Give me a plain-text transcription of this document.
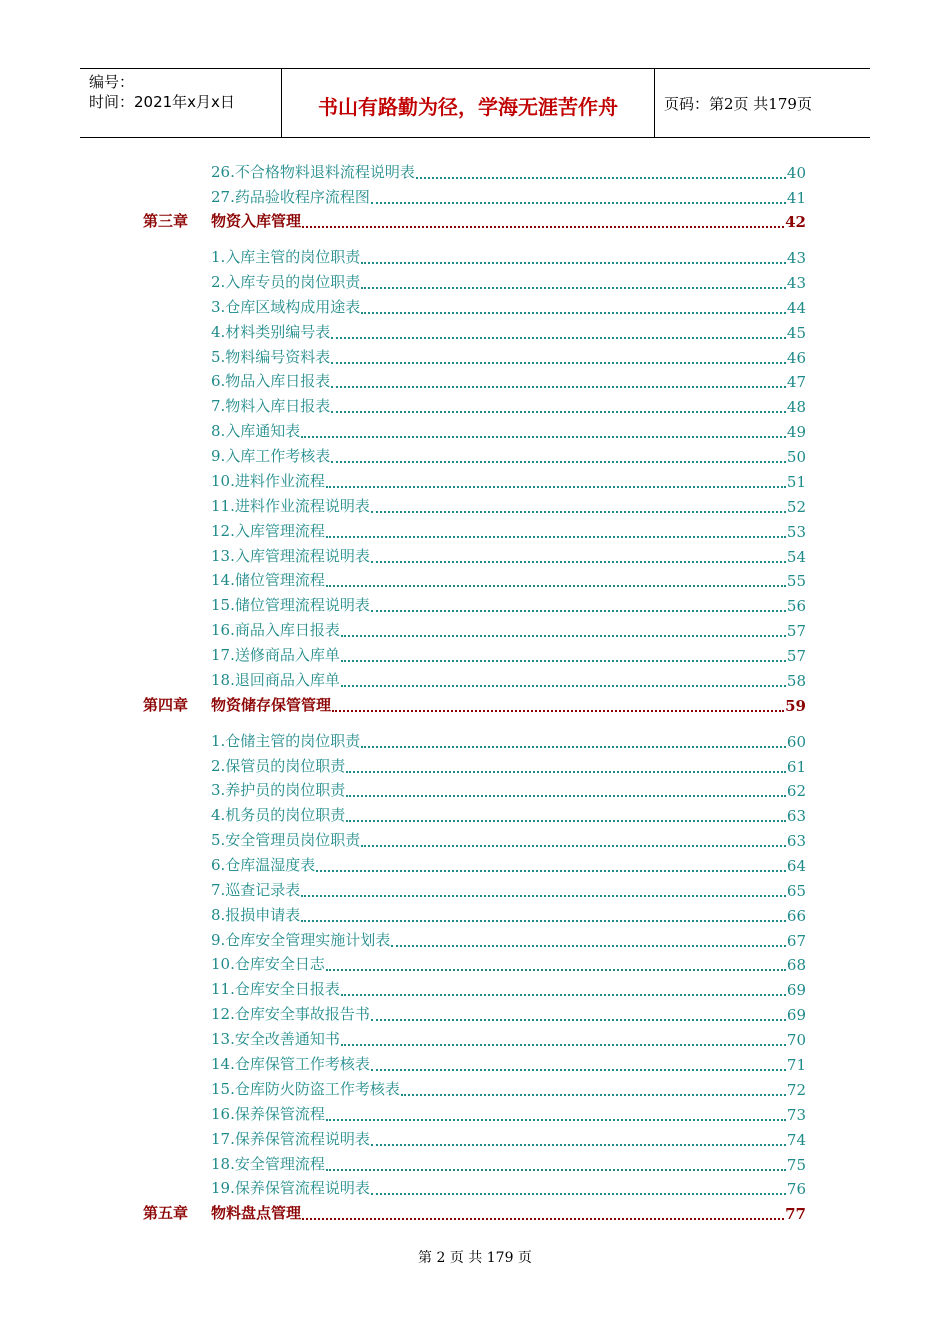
编号：
时间：2021年x月x日	书山有路勤为径，学海无涯苦作舟	页码：第2页 共179页
26.不合格物料退料流程说明表	40
27.药品验收程序流程图	41
第三章 物资入库管理	42
1.入库主管的岗位职责	43
2.入库专员的岗位职责	43
3.仓库区域构成用途表	44
4.材料类别编号表	45
5.物料编号资料表	46
6.物品入库日报表	47
7.物料入库日报表	48
8.入库通知表	49
9.入库工作考核表	50
10.进料作业流程	51
11.进料作业流程说明表	52
12.入库管理流程	53
13.入库管理流程说明表	54
14.储位管理流程	55
15.储位管理流程说明表	56
16.商品入库日报表	57
17.送修商品入库单	57
18.退回商品入库单	58
第四章 物资储存保管管理	59
1.仓储主管的岗位职责	60
2.保管员的岗位职责	61
3.养护员的岗位职责	62
4.机务员的岗位职责	63
5.安全管理员岗位职责	63
6.仓库温湿度表	64
7.巡查记录表	65
8.报损申请表	66
9.仓库安全管理实施计划表	67
10.仓库安全日志	68
11.仓库安全日报表	69
12.仓库安全事故报告书	69
13.安全改善通知书	70
14.仓库保管工作考核表	71
15.仓库防火防盗工作考核表	72
16.保养保管流程	73
17.保养保管流程说明表	74
18.安全管理流程	75
19.保养保管流程说明表	76
第五章 物料盘点管理	77
第 2 页 共 179 页
